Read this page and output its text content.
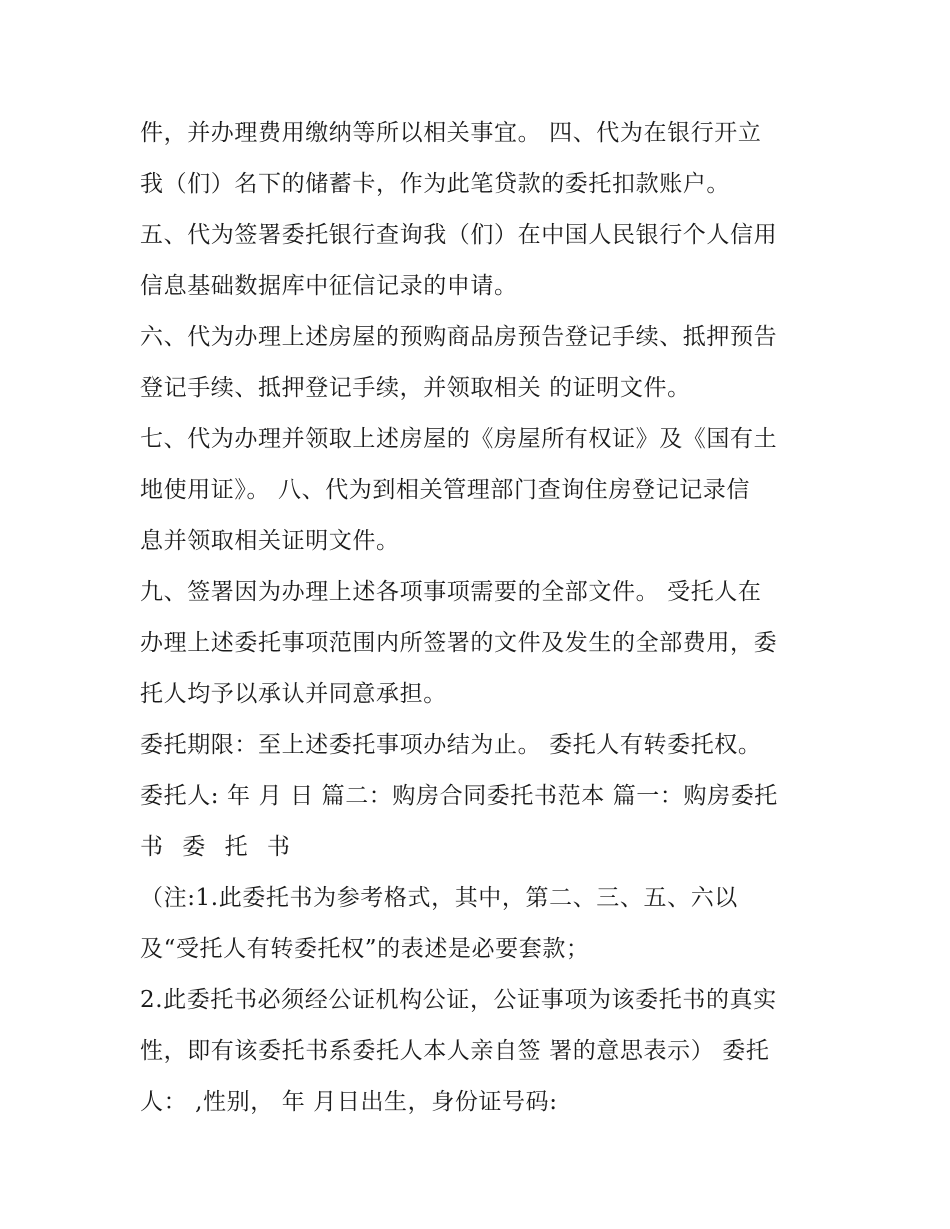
件，并办理费用缴纳等所以相关事宜。 四、代为在银行开立
我（们）名下的储蓄卡，作为此笔贷款的委托扣款账户。
五、代为签署委托银行查询我（们）在中国人民银行个人信用
信息基础数据库中征信记录的申请。
六、代为办理上述房屋的预购商品房预告登记手续、抵押预告
登记手续、抵押登记手续，并领取相关 的证明文件。
七、代为办理并领取上述房屋的《房屋所有权证》及《国有土
地使用证》。 八、代为到相关管理部门查询住房登记记录信
息并领取相关证明文件。
九、签署因为办理上述各项事项需要的全部文件。 受托人在
办理上述委托事项范围内所签署的文件及发生的全部费用，委
托人均予以承认并同意承担。
委托期限：至上述委托事项办结为止。 委托人有转委托权。
委托人: 年 月 日 篇二：购房合同委托书范本 篇一：购房委托
书 委 托 书
（注:1.此委托书为参考格式，其中，第二、三、五、六以
及“受托人有转委托权”的表述是必要套款；
2.此委托书必须经公证机构公证，公证事项为该委托书的真实
性，即有该委托书系委托人本人亲自签 署的意思表示） 委托
人： ,性别， 年 月日出生，身份证号码:
